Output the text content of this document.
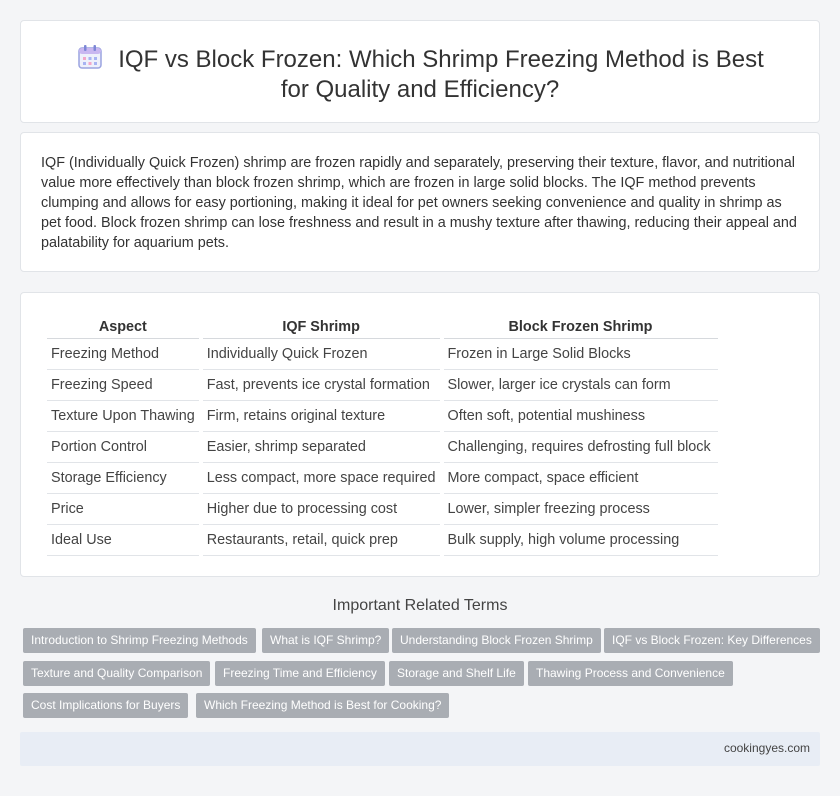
IQF vs Block Frozen: Which Shrimp Freezing Method is Best for Quality and Efficiency?

IQF (Individually Quick Frozen) shrimp are frozen rapidly and separately, preserving their texture, flavor, and nutritional value more effectively than block frozen shrimp, which are frozen in large solid blocks. The IQF method prevents clumping and allows for easy portioning, making it ideal for pet owners seeking convenience and quality in shrimp as pet food. Block frozen shrimp can lose freshness and result in a mushy texture after thawing, reducing their appeal and palatability for aquarium pets.

Aspect	IQF Shrimp	Block Frozen Shrimp
Freezing Method	Individually Quick Frozen	Frozen in Large Solid Blocks
Freezing Speed	Fast, prevents ice crystal formation	Slower, larger ice crystals can form
Texture Upon Thawing	Firm, retains original texture	Often soft, potential mushiness
Portion Control	Easier, shrimp separated	Challenging, requires defrosting full block
Storage Efficiency	Less compact, more space required	More compact, space efficient
Price	Higher due to processing cost	Lower, simpler freezing process
Ideal Use	Restaurants, retail, quick prep	Bulk supply, high volume processing
Important Related Terms
Introduction to Shrimp Freezing Methods	What is IQF Shrimp?	Understanding Block Frozen Shrimp	IQF vs Block Frozen: Key Differences
Texture and Quality Comparison	Freezing Time and Efficiency	Storage and Shelf Life	Thawing Process and Convenience
Cost Implications for Buyers	Which Freezing Method is Best for Cooking?
cookingyes.com
